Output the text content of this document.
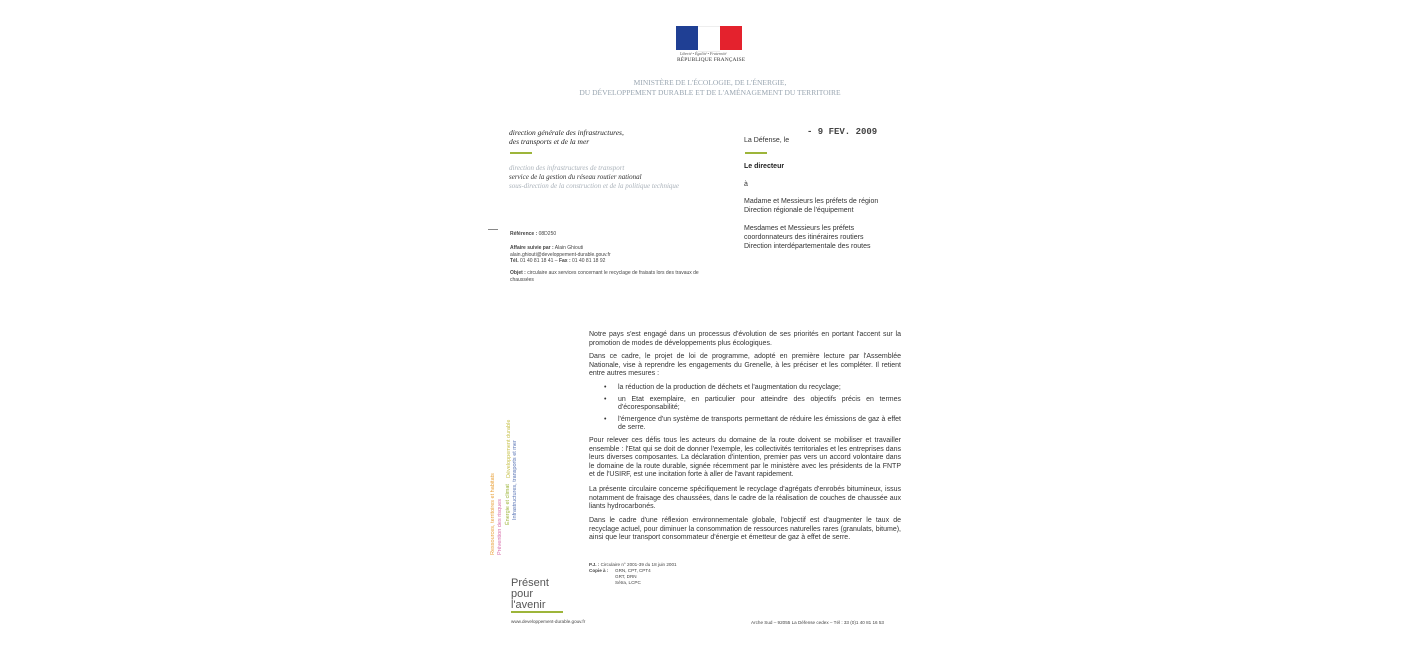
Liberté • Égalité • Fraternité
RÉPUBLIQUE FRANÇAISE
MINISTÈRE DE L'ÉCOLOGIE, DE L'ÉNERGIE,
DU DÉVELOPPEMENT DURABLE ET DE L'AMÉNAGEMENT DU TERRITOIRE
direction générale des infrastructures,
des transports et de la mer
direction des infrastructures de transport
service de la gestion du réseau routier national
sous-direction de la construction et de la politique technique
La Défense, le
- 9 FEV. 2009
Le directeur
à
Madame et Messieurs les préfets de région
Direction régionale de l'équipement
Mesdames et Messieurs les préfets
coordonnateurs des itinéraires routiers
Direction interdépartementale des routes
Référence : 08D250
Affaire suivie par : Alain Ghiouti
alain.ghiouti@developpement-durable.gouv.fr
Tél. 01 40 81 18 41 – Fax : 01 40 81 18 92
Objet : circulaire aux services concernant le recyclage de fraisats lors des travaux de chaussées
Notre pays s'est engagé dans un processus d'évolution de ses priorités en portant l'accent sur la promotion de modes de développements plus écologiques.
Dans ce cadre, le projet de loi de programme, adopté en première lecture par l'Assemblée Nationale, vise à reprendre les engagements du Grenelle, à les préciser et les compléter. Il retient entre autres mesures :
•	la réduction de la production de déchets et l'augmentation du recyclage;
•	un Etat exemplaire, en particulier pour atteindre des objectifs précis en termes d'écoresponsabilité;
•	l'émergence d'un système de transports permettant de réduire les émissions de gaz à effet de serre.
Pour relever ces défis tous les acteurs du domaine de la route doivent se mobiliser et travailler ensemble : l'Etat qui se doit de donner l'exemple, les collectivités territoriales et les entreprises dans leurs diverses composantes. La déclaration d'intention, premier pas vers un accord volontaire dans le domaine de la route durable, signée récemment par le ministère avec les présidents de la FNTP et de l'USIRF, est une incitation forte à aller de l'avant rapidement.
La présente circulaire concerne spécifiquement le recyclage d'agrégats d'enrobés bitumineux, issus notamment de fraisage des chaussées, dans le cadre de la réalisation de couches de chaussée aux liants hydrocarbonés.
Dans le cadre d'une réflexion environnementale globale, l'objectif est d'augmenter le taux de recyclage actuel, pour diminuer la consommation de ressources naturelles rares (granulats, bitume), ainsi que leur transport consommateur d'énergie et émetteur de gaz à effet de serre.
P.J. : Circulaire n° 2001-39 du 18 juin 2001
Copie à : GRN, CPT, CPT4
GRT, DRN
Sétra, LCPC
Ressources, territoires et habitats Prévention des risques Énergie et climat Infrastructures, transports et mer
Développement durable
Présent
pour
l'avenir
www.developpement-durable.gouv.fr	Arche Sud – 92055 La Défense cedex – Tél : 33 (0)1 40 81 16 53
